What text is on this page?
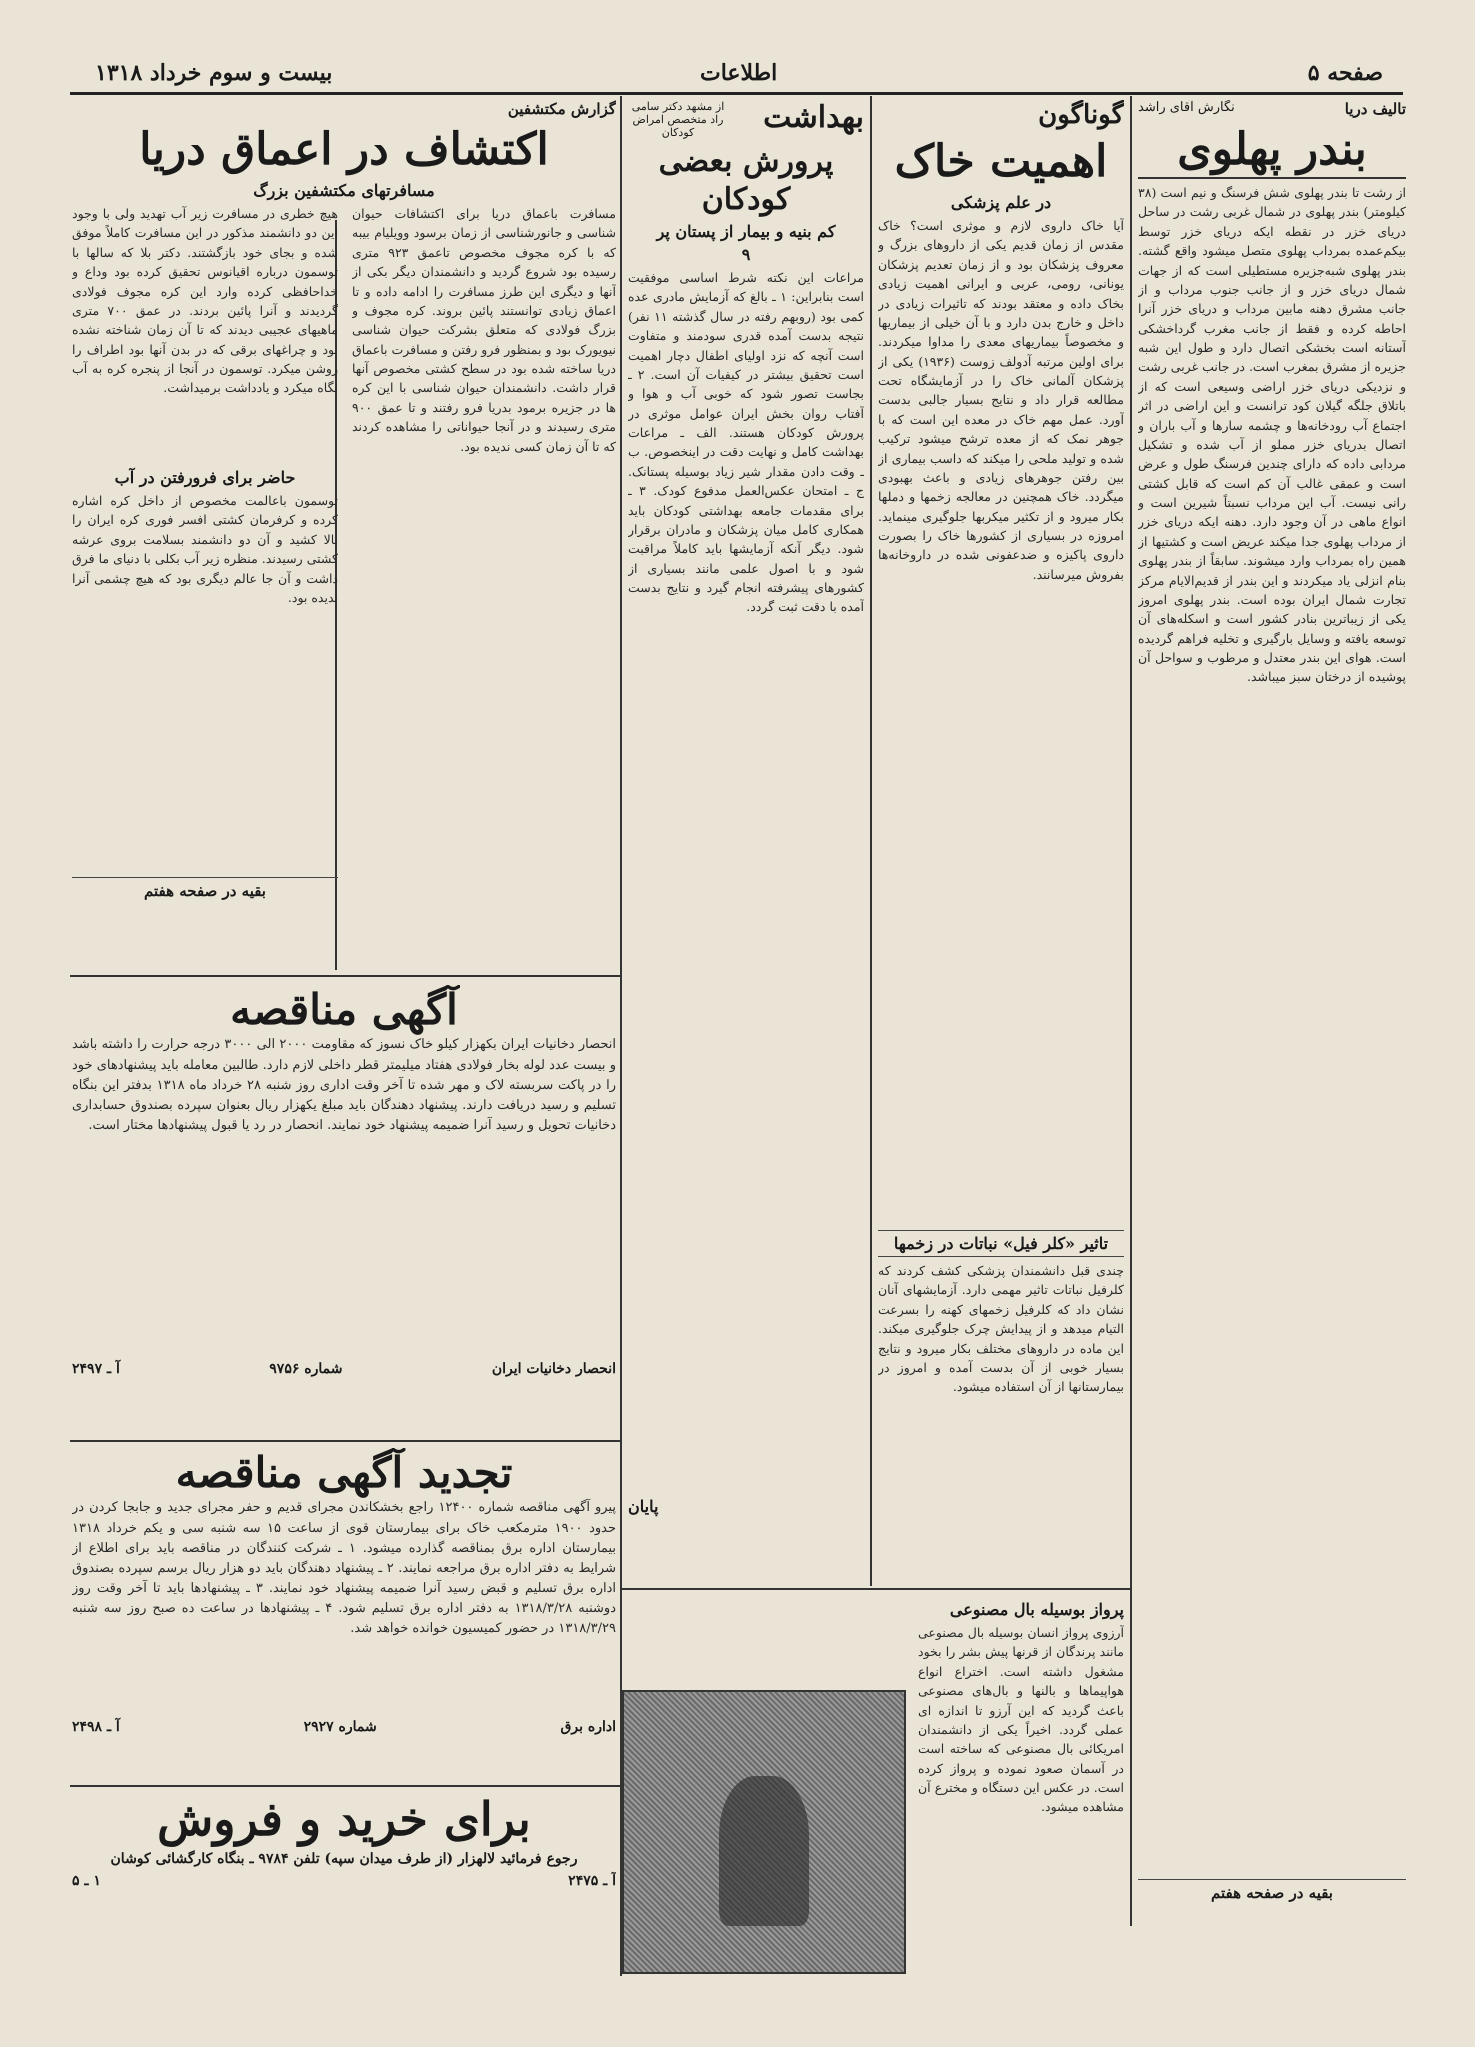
صفحه ۵
اطلاعات
بیست و سوم خرداد ۱۳۱۸
تالیف دریا
نگارش آقای راشد
بندر پهلوی
از رشت تا بندر پهلوی شش فرسنگ و نیم است (۳۸ کیلومتر) بندر پهلوی در شمال غربی رشت در ساحل دریای خزر در نقطه ایکه دریای خزر توسط بیکم‌عمده بمرداب پهلوی متصل میشود واقع گشته. بندر پهلوی شبه‌جزیره مستطیلی است که از جهات شمال دریای خزر و از جانب جنوب مرداب و از جانب مشرق دهنه مابین مرداب و دریای خزر آنرا احاطه کرده و فقط از جانب مغرب گرداخشکی آستانه است بخشکی اتصال دارد و طول این شبه جزیره از مشرق بمغرب است. در جانب غربی رشت و نزدیکی دریای خزر اراضی وسیعی است که از باتلاق جلگه گیلان کود ترانست و این اراضی در اثر اجتماع آب رودخانه‌ها و چشمه سارها و آب باران و اتصال بدریای خزر مملو از آب شده و تشکیل مردابی داده که دارای چندین فرسنگ طول و عرض است و عمقی غالب آن کم است که قابل کشتی رانی نیست. آب این مرداب نسبتاً شیرین است و انواع ماهی در آن وجود دارد. دهنه ایکه دریای خزر از مرداب پهلوی جدا میکند عریض است و کشتیها از همین راه بمرداب وارد میشوند. سابقاً از بندر پهلوی بنام انزلی یاد میکردند و این بندر از قدیم‌الایام مرکز تجارت شمال ایران بوده است. بندر پهلوی امروز یکی از زیباترین بنادر کشور است و اسکله‌های آن توسعه یافته و وسایل بارگیری و تخلیه فراهم گردیده است. هوای این بندر معتدل و مرطوب و سواحل آن پوشیده از درختان سبز میباشد.
بقیه در صفحه هفتم
گوناگون
اهمیت خاک
در علم پزشکی
آیا خاک داروی لازم و موثری است؟ خاک مقدس از زمان قدیم یکی از داروهای بزرگ و معروف پزشکان بود و از زمان تعدیم پزشکان یونانی، رومی، عربی و ایرانی اهمیت زیادی بخاک داده و معتقد بودند که تاثیرات زیادی در داخل و خارج بدن دارد و با آن خیلی از بیماریها و مخصوصاً بیماریهای معدی را مداوا میکردند. برای اولین مرتبه آدولف زوست (۱۹۳۶) یکی از پزشکان آلمانی خاک را در آزمایشگاه تحت مطالعه قرار داد و نتایج بسیار جالبی بدست آورد. عمل مهم خاک در معده این است که با جوهر نمک که از معده ترشح میشود ترکیب شده و تولید ملحی را میکند که داسب بیماری از بین رفتن جوهرهای زیادی و باعث بهبودی میگردد. خاک همچنین در معالجه زخمها و دملها بکار میرود و از تکثیر میکربها جلوگیری مینماید. امروزه در بسیاری از کشورها خاک را بصورت داروی پاکیزه و ضدعفونی شده در داروخانه‌ها بفروش میرسانند.
تاثیر «کلر فیل» نباتات در زخمها
چندی قبل دانشمندان پزشکی کشف کردند که کلرفیل نباتات تاثیر مهمی دارد. آزمایشهای آنان نشان داد که کلرفیل زخمهای کهنه را بسرعت التیام میدهد و از پیدایش چرک جلوگیری میکند. این ماده در داروهای مختلف بکار میرود و نتایج بسیار خوبی از آن بدست آمده و امروز در بیمارستانها از آن استفاده میشود.
بهداشت
از مشهد دکتر سامی راد متخصص امراض کودکان
پرورش بعضی کودکان
کم بنیه و بیمار از پستان پر
۹
مراعات این نکته شرط اساسی موفقیت است بنابراین: ۱ ـ بالغ که آزمایش مادری عده کمی بود (روبهم رفته در سال گذشته ۱۱ نفر) نتیجه بدست آمده قدری سودمند و متفاوت است آنچه که نزد اولیای اطفال دچار اهمیت است تحقیق بیشتر در کیفیات آن است. ۲ ـ بجاست تصور شود که خوبی آب و هوا و آفتاب روان بخش ایران عوامل موثری در پرورش کودکان هستند. الف ـ مراعات بهداشت کامل و نهایت دقت در اینخصوص. ب ـ وقت دادن مقدار شیر زیاد بوسیله پستانک. ج ـ امتحان عکس‌العمل مدفوع کودک. ۳ ـ برای مقدمات جامعه بهداشتی کودکان باید همکاری کامل میان پزشکان و مادران برقرار شود. دیگر آنکه آزمایشها باید کاملاً مراقبت شود و با اصول علمی مانند بسیاری از کشورهای پیشرفته انجام گیرد و نتایج بدست آمده با دقت ثبت گردد.
پایان
گزارش مکتشفین
اکتشاف در اعماق دریا
مسافرتهای مکتشفین بزرگ
مسافرت باعماق دریا برای اکتشافات حیوان شناسی و جانورشناسی از زمان برسود وویلیام بیبه که با کره مجوف مخصوص تاعمق ۹۲۳ متری رسیده بود شروع گردید و دانشمندان دیگر بکی از آنها و دیگری این طرز مسافرت را ادامه داده و تا اعماق زیادی توانستند پائین بروند. کره مجوف و بزرگ فولادی که متعلق بشرکت حیوان شناسی نیویورک بود و بمنظور فرو رفتن و مسافرت باعماق دریا ساخته شده بود در سطح کشتی مخصوص آنها قرار داشت. دانشمندان حیوان شناسی با این کره ها در جزیره برمود بدریا فرو رفتند و تا عمق ۹۰۰ متری رسیدند و در آنجا حیواناتی را مشاهده کردند که تا آن زمان کسی ندیده بود.
هیچ خطری در مسافرت زیر آب تهدید ولی با وجود این دو دانشمند مذکور در این مسافرت کاملاً موفق شده و بجای خود بازگشتند. دکتر بلا که سالها با توسمون درباره اقیانوس تحقیق کرده بود وداع و خداحافظی کرده وارد این کره مجوف فولادی گردیدند و آنرا پائین بردند. در عمق ۷۰۰ متری ماهیهای عجیبی دیدند که تا آن زمان شناخته نشده بود و چراغهای برقی که در بدن آنها بود اطراف را روشن میکرد. توسمون در آنجا از پنجره کره به آب نگاه میکرد و یادداشت برمیداشت.
حاضر برای فرورفتن در آب
توسمون باعالمت مخصوص از داخل کره اشاره کرده و کرفرمان کشتی افسر فوری کره ایران را بالا کشید و آن دو دانشمند بسلامت بروی عرشه کشتی رسیدند. منظره زیر آب بکلی با دنیای ما فرق داشت و آن جا عالم دیگری بود که هیچ چشمی آنرا ندیده بود.
بقیه در صفحه هفتم
آگهی مناقصه
انحصار دخانیات ایران بکهزار کیلو خاک نسوز که مقاومت ۲۰۰۰ الی ۳۰۰۰ درجه حرارت را داشته باشد و بیست عدد لوله بخار فولادی هفتاد میلیمتر قطر داخلی لازم دارد. طالبین معامله باید پیشنهادهای خود را در پاکت سربسته لاک و مهر شده تا آخر وقت اداری روز شنبه ۲۸ خرداد ماه ۱۳۱۸ بدفتر این بنگاه تسلیم و رسید دریافت دارند. پیشنهاد دهندگان باید مبلغ یکهزار ریال بعنوان سپرده بصندوق حسابداری دخانیات تحویل و رسید آنرا ضمیمه پیشنهاد خود نمایند. انحصار در رد یا قبول پیشنهادها مختار است.
انحصار دخانیات ایران
شماره ۹۷۵۶
آ ـ ۲۴۹۷
تجدید آگهی مناقصه
پیرو آگهی مناقصه شماره ۱۲۴۰۰ راجع بخشکاندن مجرای قدیم و حفر مجرای جدید و جابجا کردن در حدود ۱۹۰۰ مترمکعب خاک برای بیمارستان قوی از ساعت ۱۵ سه شنبه سی و یکم خرداد ۱۳۱۸ بیمارستان اداره برق بمناقصه گذارده میشود. ۱ ـ شرکت کنندگان در مناقصه باید برای اطلاع از شرایط به دفتر اداره برق مراجعه نمایند. ۲ ـ پیشنهاد دهندگان باید دو هزار ریال برسم سپرده بصندوق اداره برق تسلیم و قبض رسید آنرا ضمیمه پیشنهاد خود نمایند. ۳ ـ پیشنهادها باید تا آخر وقت روز دوشنبه ۱۳۱۸/۳/۲۸ به دفتر اداره برق تسلیم شود. ۴ ـ پیشنهادها در ساعت ده صبح روز سه شنبه ۱۳۱۸/۳/۲۹ در حضور کمیسیون خوانده خواهد شد.
اداره برق
شماره ۲۹۲۷
آ ـ ۲۴۹۸
برای خرید و فروش
رجوع فرمائید لالهزار (از طرف میدان سپه) تلفن ۹۷۸۴ ـ بنگاه کارگشائی کوشان
آ ـ ۲۴۷۵
۱ ـ ۵
پرواز بوسیله بال مصنوعی
آرزوی پرواز انسان بوسیله بال مصنوعی مانند پرندگان از قرنها پیش بشر را بخود مشغول داشته است. اختراع انواع هواپیماها و بالنها و بال‌های مصنوعی باعث گردید که این آرزو تا اندازه ای عملی گردد. اخیراً یکی از دانشمندان امریکائی بال مصنوعی که ساخته است در آسمان صعود نموده و پرواز کرده است. در عکس این دستگاه و مخترع آن مشاهده میشود.
